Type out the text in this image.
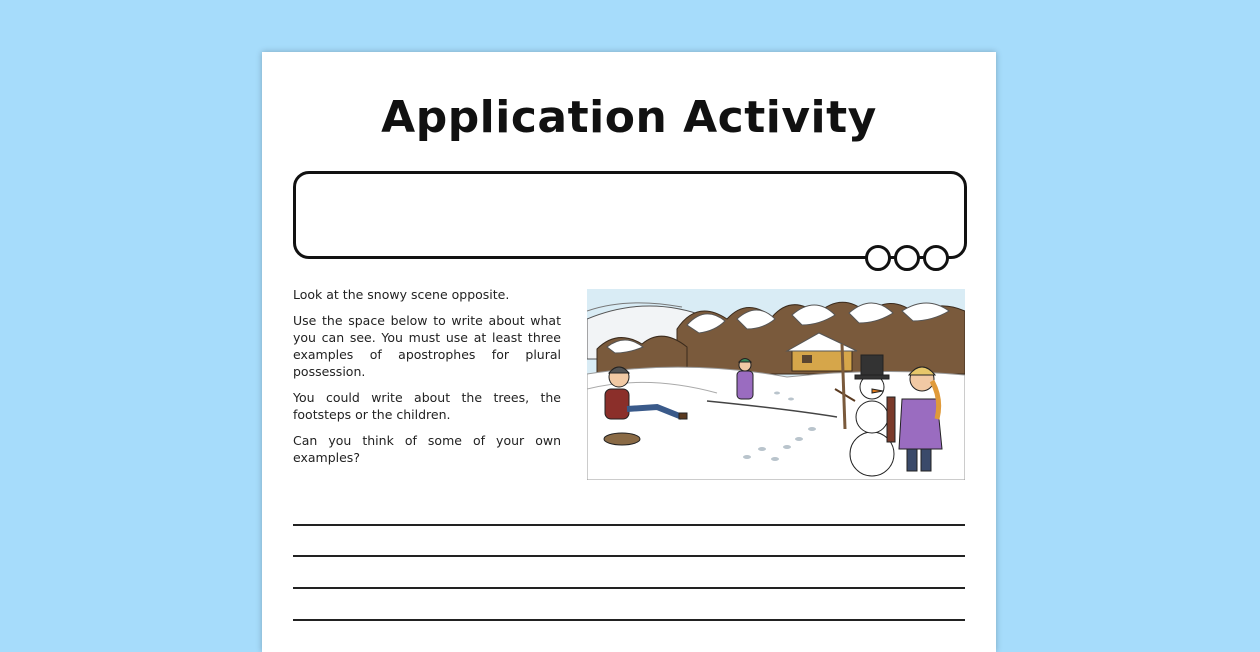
Application Activity

Look at the snowy scene opposite.

Use the space below to write about what you can see. You must use at least three examples of apostrophes for plural possession.

You could write about the trees, the footsteps or the children.

Can you think of some of your own examples?
